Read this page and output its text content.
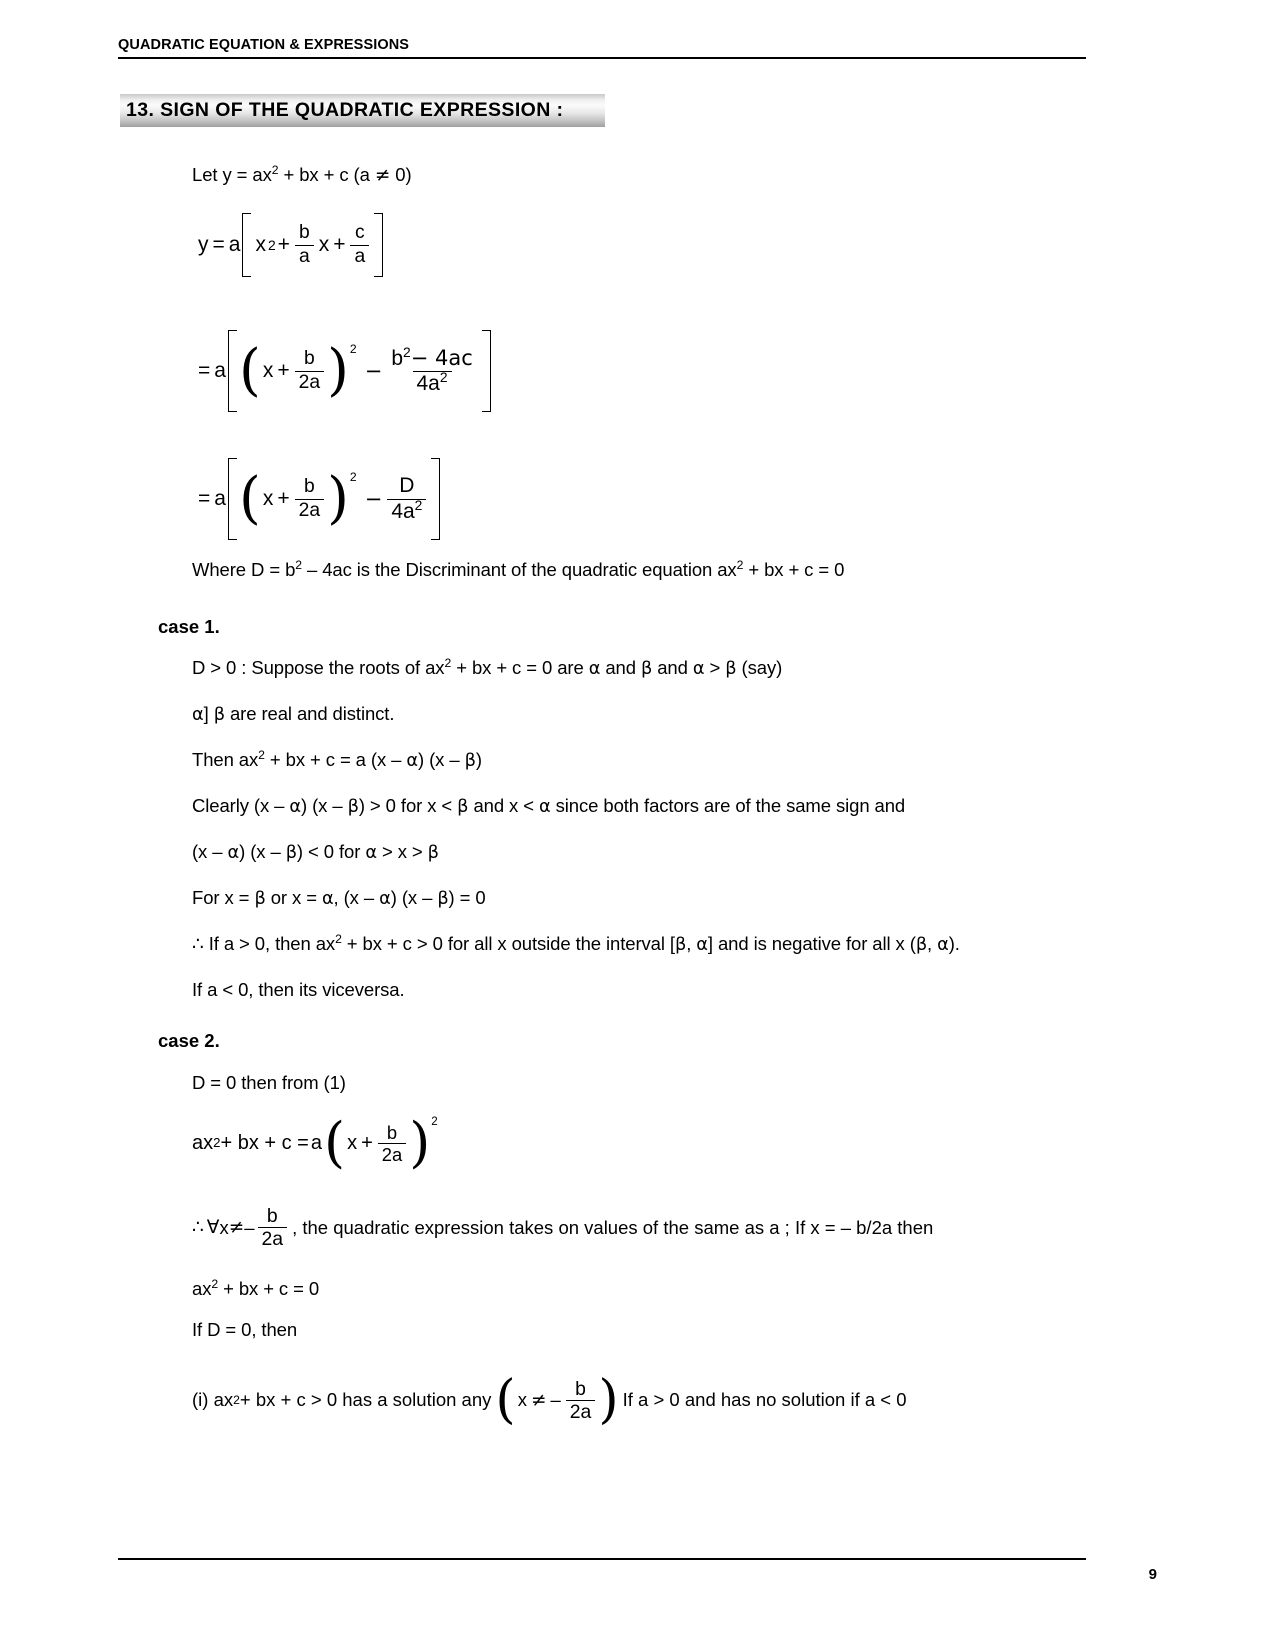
QUADRATIC EQUATION & EXPRESSIONS
13. SIGN OF THE QUADRATIC EXPRESSION :
Let $y = ax^2$ + bx + c (a ≠ 0)
y = a x $2 + \frac{b}{a}$ $x + \frac{c}{a}$
= a ( $x + \frac{b}{2a}$ ) 2
− $\frac{b^2- 4ac}{4a^2}$
= a ( $x + \frac{b}{2a}$ ) 2
− $\frac{D}{4a^2}$
Where $D = b^2 - 4ac$ is the Discriminant of the quadratic equation $ax^2$ + bx + c = 0
case 1.
D > 0 : Suppose the roots of $ax^2$ + bx + c = 0 are α and β and α > β (say)
α] β are real and distinct.
Then $ax^2$ + bx + c = a (x – α) (x – β)
Clearly (x – α) (x – β) > 0 for x < β and x < α since both factors are of the same sign and
(x – α) (x – β) < 0 for α > x > β
For x = β or x = α, (x – α) (x – β) = 0
∴ If a > 0, then $ax^2$ + bx + c > 0 for all x outside the interval [β, α] and is negative for all x (β, α).
If a < 0, then its viceversa.
case 2.
D = 0 then from (1)
ax 2 + bx + c = a ( $x + \frac{b}{2a}$ ) 2
∴ ∀ x ≠ – $\frac{b}{2a}$ , the quadratic expression takes on values of the same as a ; If x = – b/2a then
$ax^2$ + bx + c = 0
If D = 0, then
(i) ax 2 + bx + c > 0 has a solution any ( x ≠ – $\frac{b}{2a}$ ) If a > 0 and has no solution if a < 0
9
